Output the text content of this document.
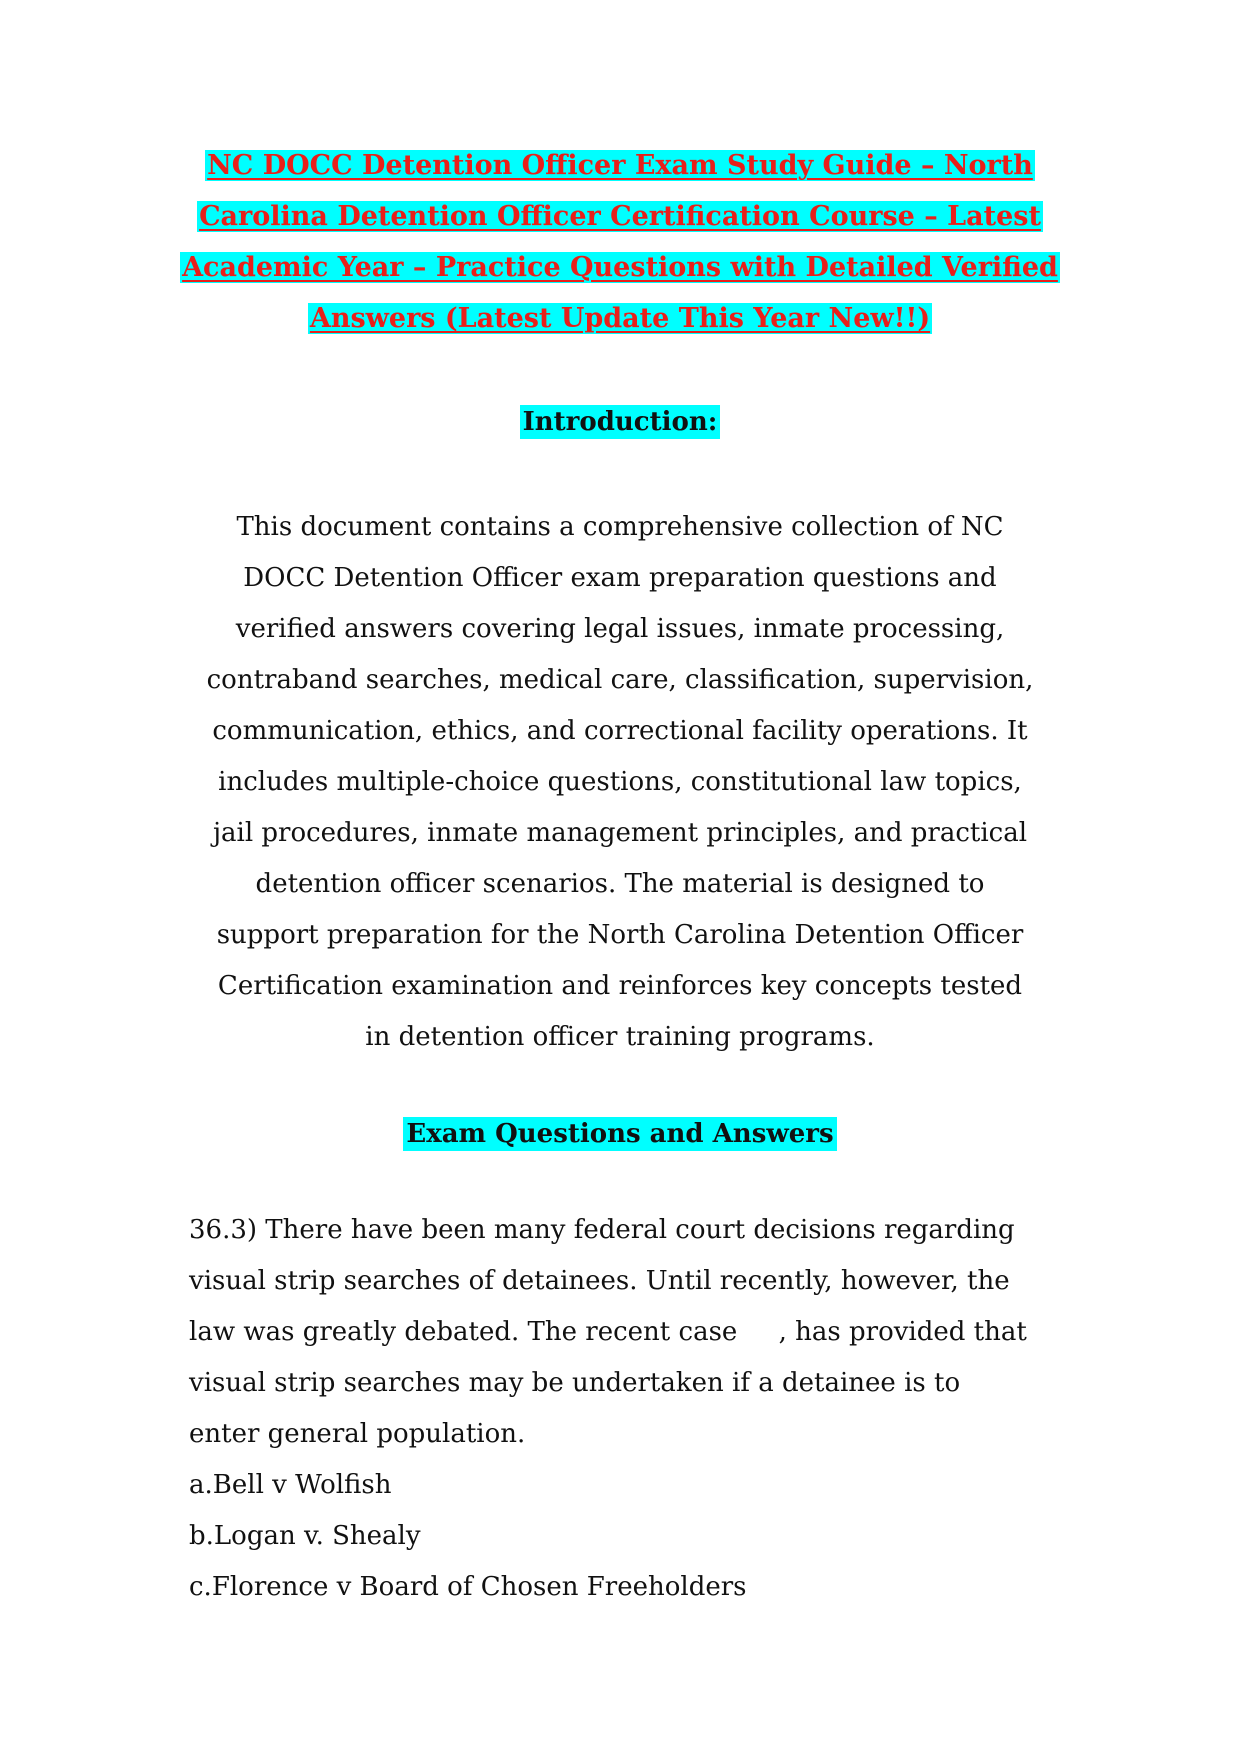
NC DOCC Detention Officer Exam Study Guide – North
Carolina Detention Officer Certification Course – Latest
Academic Year – Practice Questions with Detailed Verified
Answers (Latest Update This Year New!!)
Introduction:

This document contains a comprehensive collection of NC
DOCC Detention Officer exam preparation questions and
verified answers covering legal issues, inmate processing,
contraband searches, medical care, classification, supervision,
communication, ethics, and correctional facility operations. It
includes multiple-choice questions, constitutional law topics,
jail procedures, inmate management principles, and practical
detention officer scenarios. The material is designed to
support preparation for the North Carolina Detention Officer
Certification examination and reinforces key concepts tested
in detention officer training programs.

Exam Questions and Answers

36.3) There have been many federal court decisions regarding
visual strip searches of detainees. Until recently, however, the
law was greatly debated. The recent case     , has provided that
visual strip searches may be undertaken if a detainee is to
enter general population.

a.Bell v Wolfish
b.Logan v. Shealy
c.Florence v Board of Chosen Freeholders
